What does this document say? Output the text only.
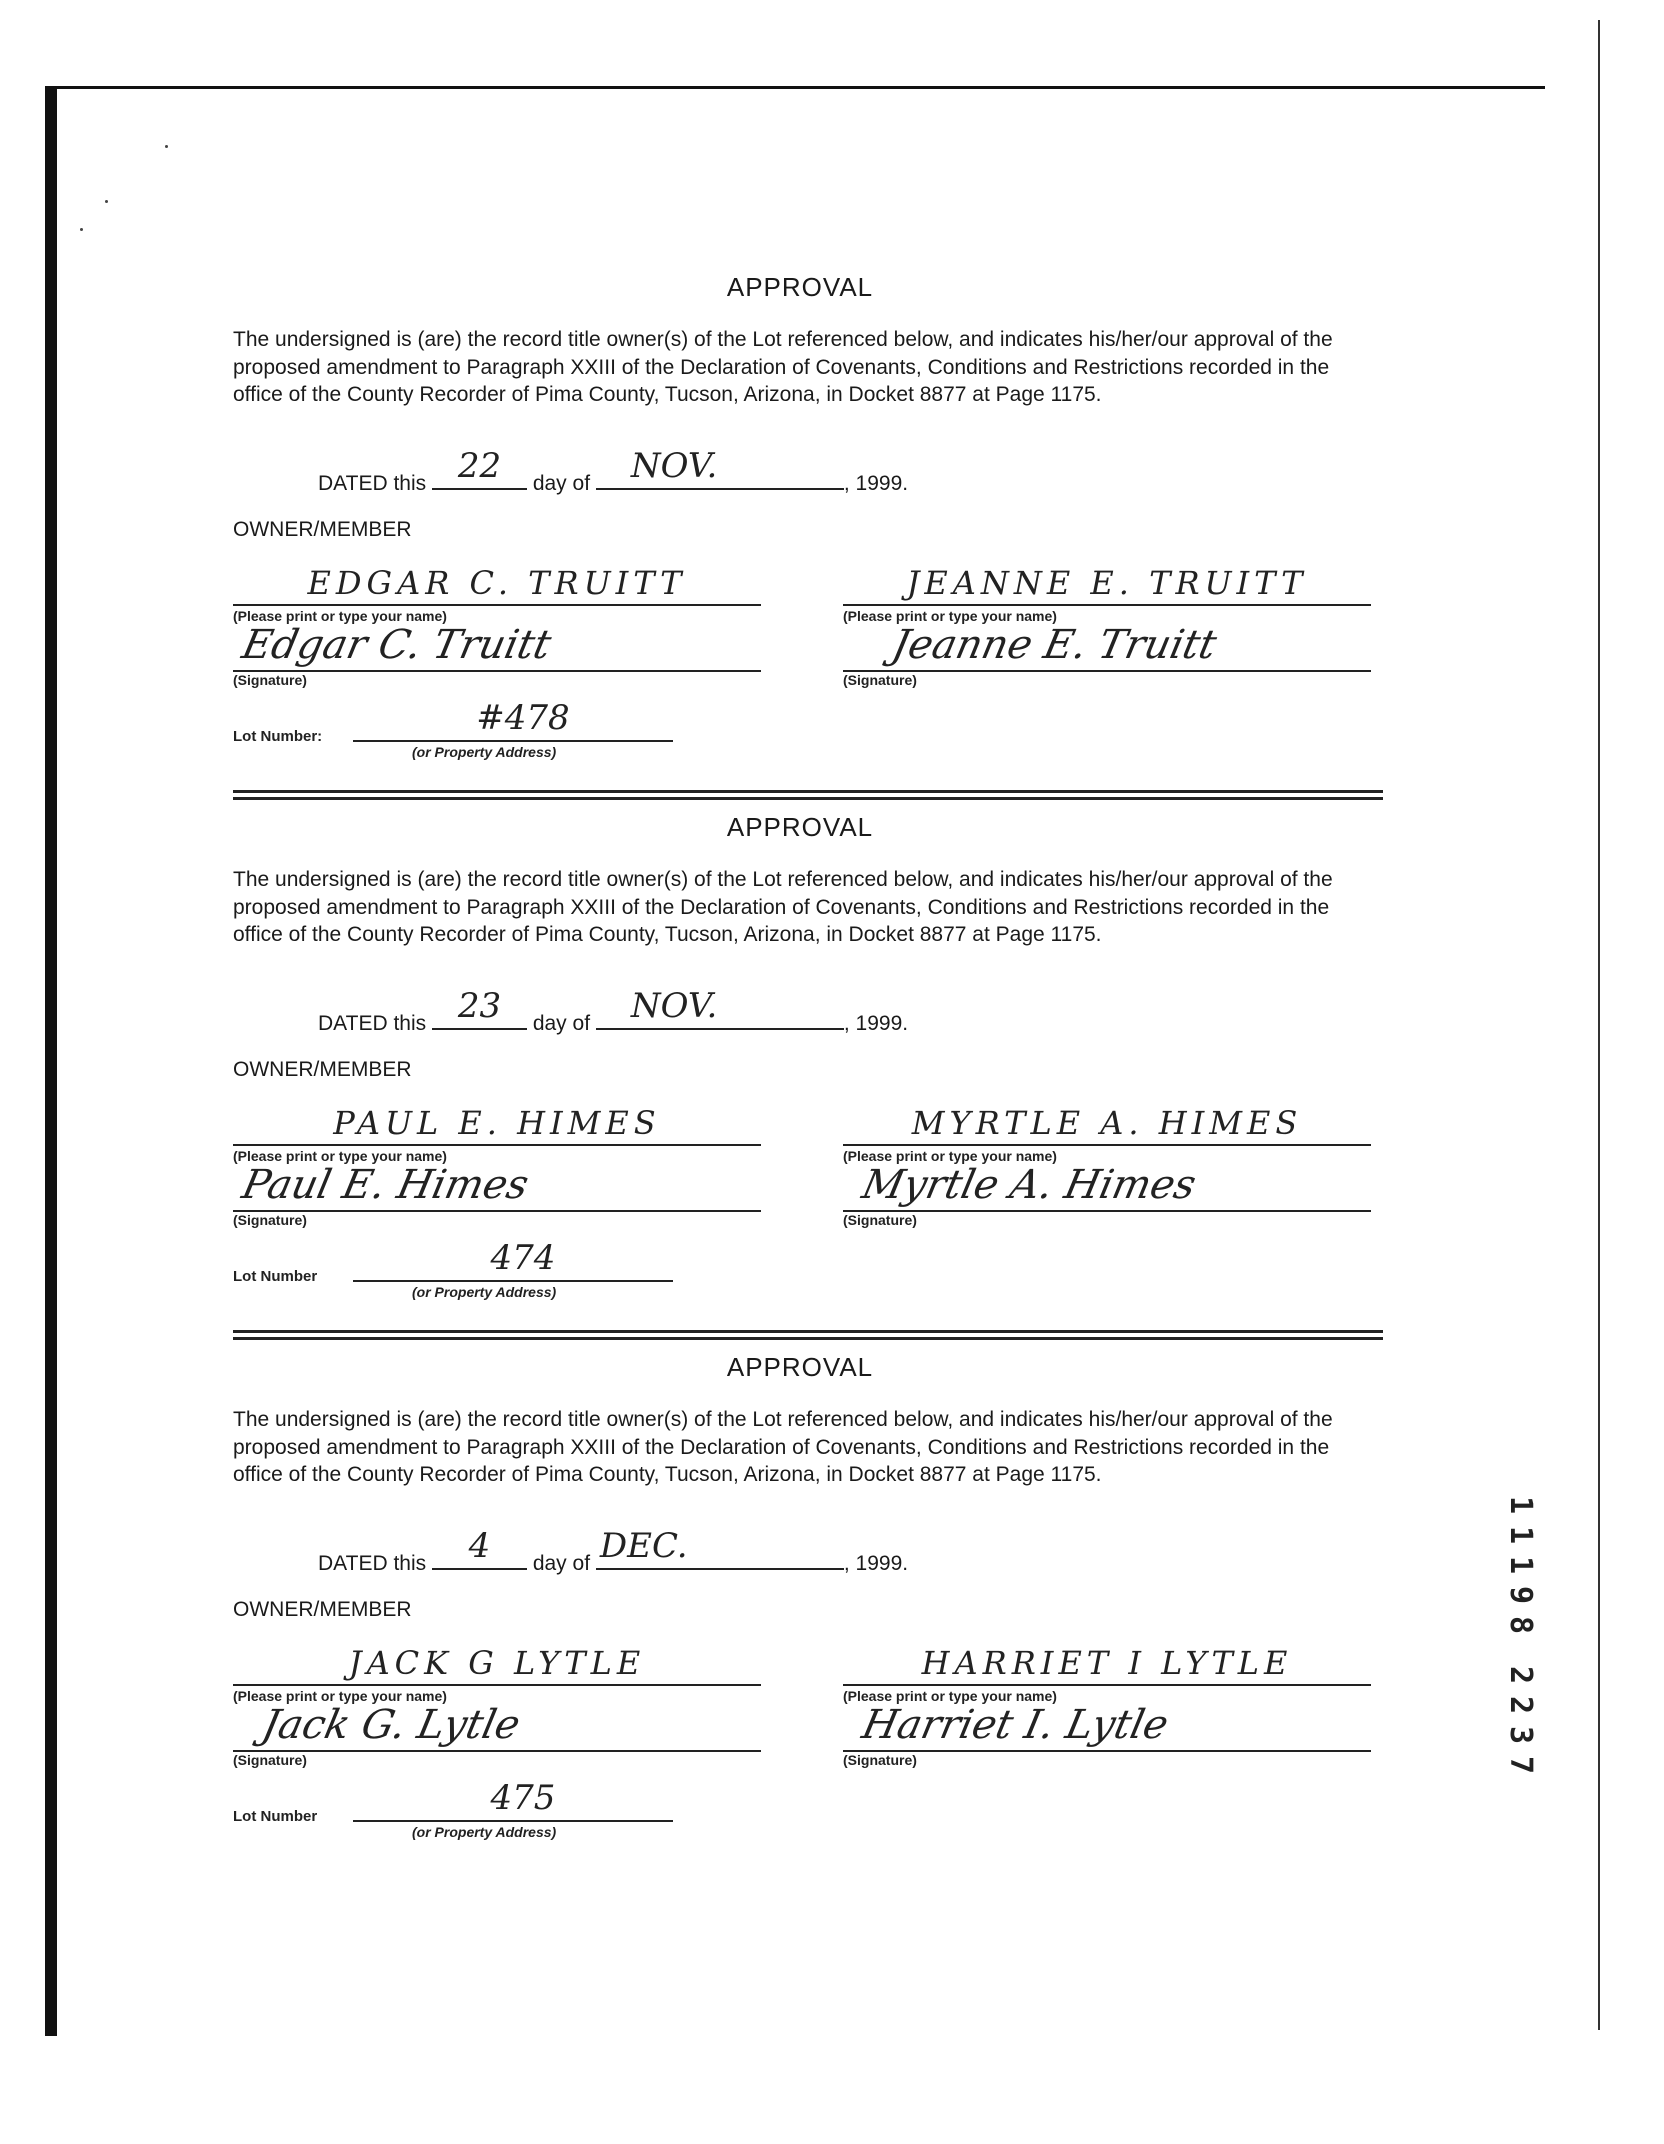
APPROVAL

The undersigned is (are) the record title owner(s) of the Lot referenced below, and indicates his/her/our approval of the proposed amendment to Paragraph XXIII of the Declaration of Covenants, Conditions and Restrictions recorded in the office of the County Recorder of Pima County, Tucson, Arizona, in Docket 8877 at Page 1175.

DATED this 22	day of NOV.	, 1999.
OWNER/MEMBER
EDGAR C. TRUITT
(Please print or type your name)
Edgar C. Truitt
(Signature)
Lot Number:	#478
(or Property Address)
JEANNE E. TRUITT
(Please print or type your name)
Jeanne E. Truitt
(Signature)
APPROVAL

The undersigned is (are) the record title owner(s) of the Lot referenced below, and indicates his/her/our approval of the proposed amendment to Paragraph XXIII of the Declaration of Covenants, Conditions and Restrictions recorded in the office of the County Recorder of Pima County, Tucson, Arizona, in Docket 8877 at Page 1175.

DATED this 23	day of NOV.	, 1999.
OWNER/MEMBER
PAUL E. HIMES
(Please print or type your name)
Paul E. Himes
(Signature)
Lot Number	474
(or Property Address)
MYRTLE A. HIMES
(Please print or type your name)
Myrtle A. Himes
(Signature)
APPROVAL

The undersigned is (are) the record title owner(s) of the Lot referenced below, and indicates his/her/our approval of the proposed amendment to Paragraph XXIII of the Declaration of Covenants, Conditions and Restrictions recorded in the office of the County Recorder of Pima County, Tucson, Arizona, in Docket 8877 at Page 1175.

DATED this	4	day of DEC.	, 1999.
OWNER/MEMBER
JACK G LYTLE
(Please print or type your name)
Jack G. Lytle
(Signature)
Lot Number	475
(or Property Address)
HARRIET I LYTLE
(Please print or type your name)
Harriet I. Lytle
(Signature)
1
1
1
9
8
2
2
3
7
